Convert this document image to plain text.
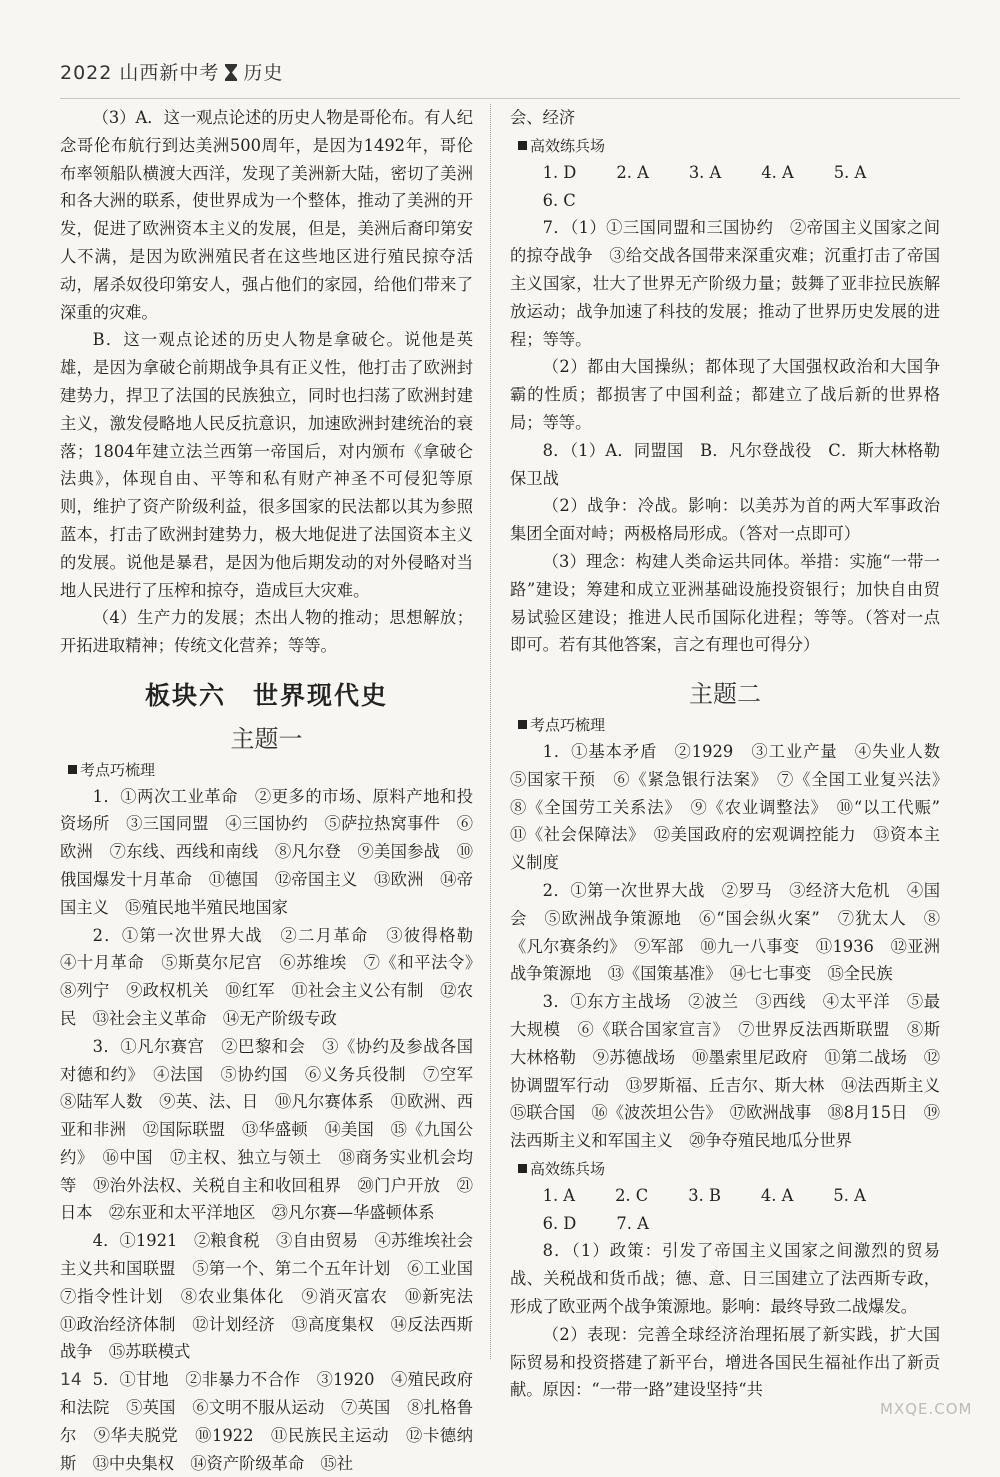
2022 山西新中考 历史

（3）A．这一观点论述的历史人物是哥伦布。有人纪念哥伦布航行到达美洲500周年，是因为1492年，哥伦布率领船队横渡大西洋，发现了美洲新大陆，密切了美洲和各大洲的联系，使世界成为一个整体，推动了美洲的开发，促进了欧洲资本主义的发展，但是，美洲后裔印第安人不满，是因为欧洲殖民者在这些地区进行殖民掠夺活动，屠杀奴役印第安人，强占他们的家园，给他们带来了深重的灾难。

B．这一观点论述的历史人物是拿破仑。说他是英雄，是因为拿破仑前期战争具有正义性，他打击了欧洲封建势力，捍卫了法国的民族独立，同时也扫荡了欧洲封建主义，激发侵略地人民反抗意识，加速欧洲封建统治的衰落；1804年建立法兰西第一帝国后，对内颁布《拿破仑法典》，体现自由、平等和私有财产神圣不可侵犯等原则，维护了资产阶级利益，很多国家的民法都以其为参照蓝本，打击了欧洲封建势力，极大地促进了法国资本主义的发展。说他是暴君，是因为他后期发动的对外侵略对当地人民进行了压榨和掠夺，造成巨大灾难。

（4）生产力的发展；杰出人物的推动；思想解放；开拓进取精神；传统文化营养；等等。

板块六　世界现代史
主题一
考点巧梳理

1．①两次工业革命　②更多的市场、原料产地和投资场所　③三国同盟　④三国协约　⑤萨拉热窝事件　⑥欧洲　⑦东线、西线和南线　⑧凡尔登　⑨美国参战　⑩俄国爆发十月革命　⑪德国　⑫帝国主义　⑬欧洲　⑭帝国主义　⑮殖民地半殖民地国家

2．①第一次世界大战　②二月革命　③彼得格勒　④十月革命　⑤斯莫尔尼宫　⑥苏维埃　⑦《和平法令》　⑧列宁　⑨政权机关　⑩红军　⑪社会主义公有制　⑫农民　⑬社会主义革命　⑭无产阶级专政

3．①凡尔赛宫　②巴黎和会　③《协约及参战各国对德和约》　④法国　⑤协约国　⑥义务兵役制　⑦空军　⑧陆军人数　⑨英、法、日　⑩凡尔赛体系　⑪欧洲、西亚和非洲　⑫国际联盟　⑬华盛顿　⑭美国　⑮《九国公约》　⑯中国　⑰主权、独立与领土　⑱商务实业机会均等　⑲治外法权、关税自主和收回租界　⑳门户开放　㉑日本　㉒东亚和太平洋地区　㉓凡尔赛—华盛顿体系

4．①1921　②粮食税　③自由贸易　④苏维埃社会主义共和国联盟　⑤第一个、第二个五年计划　⑥工业国　⑦指令性计划　⑧农业集体化　⑨消灭富农　⑩新宪法　⑪政治经济体制　⑫计划经济　⑬高度集权　⑭反法西斯战争　⑮苏联模式

5．①甘地　②非暴力不合作　③1920　④殖民政府和法院　⑤英国　⑥文明不服从运动　⑦英国　⑧扎格鲁尔　⑨华夫脱党　⑩1922　⑪民族民主运动　⑫卡德纳斯　⑬中央集权　⑭资产阶级革命　⑮社

会、经济

高效练兵场
1. D 2. A 3. A 4. A 5. A
6. C

7．（1）①三国同盟和三国协约　②帝国主义国家之间的掠夺战争　③给交战各国带来深重灾难；沉重打击了帝国主义国家，壮大了世界无产阶级力量；鼓舞了亚非拉民族解放运动；战争加速了科技的发展；推动了世界历史发展的进程；等等。

（2）都由大国操纵；都体现了大国强权政治和大国争霸的性质；都损害了中国利益；都建立了战后新的世界格局；等等。

8．（1）A．同盟国　B．凡尔登战役　C．斯大林格勒保卫战

（2）战争：冷战。影响：以美苏为首的两大军事政治集团全面对峙；两极格局形成。（答对一点即可）

（3）理念：构建人类命运共同体。举措：实施“一带一路”建设；筹建和成立亚洲基础设施投资银行；加快自由贸易试验区建设；推进人民币国际化进程；等等。（答对一点即可。若有其他答案，言之有理也可得分）

主题二
考点巧梳理

1．①基本矛盾　②1929　③工业产量　④失业人数　⑤国家干预　⑥《紧急银行法案》　⑦《全国工业复兴法》　⑧《全国劳工关系法》　⑨《农业调整法》　⑩“以工代赈”　⑪《社会保障法》　⑫美国政府的宏观调控能力　⑬资本主义制度

2．①第一次世界大战　②罗马　③经济大危机　④国会　⑤欧洲战争策源地　⑥“国会纵火案”　⑦犹太人　⑧《凡尔赛条约》　⑨军部　⑩九一八事变　⑪1936　⑫亚洲战争策源地　⑬《国策基准》　⑭七七事变　⑮全民族

3．①东方主战场　②波兰　③西线　④太平洋　⑤最大规模　⑥《联合国家宣言》　⑦世界反法西斯联盟　⑧斯大林格勒　⑨苏德战场　⑩墨索里尼政府　⑪第二战场　⑫协调盟军行动　⑬罗斯福、丘吉尔、斯大林　⑭法西斯主义　⑮联合国　⑯《波茨坦公告》　⑰欧洲战事　⑱8月15日　⑲法西斯主义和军国主义　⑳争夺殖民地瓜分世界

高效练兵场
1. A 2. C 3. B 4. A 5. A
6. D 7. A

8．（1）政策：引发了帝国主义国家之间激烈的贸易战、关税战和货币战；德、意、日三国建立了法西斯专政，形成了欧亚两个战争策源地。影响：最终导致二战爆发。

（2）表现：完善全球经济治理拓展了新实践，扩大国际贸易和投资搭建了新平台，增进各国民生福祉作出了新贡献。原因：“一带一路”建设坚持“共

14
MXQE.COM
